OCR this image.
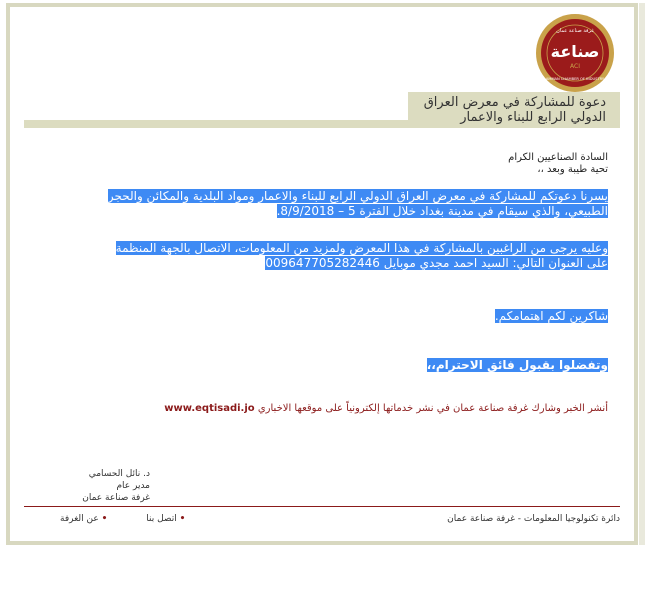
صناعة
ACI
غرفة صناعة عمان
AMMAN CHAMBER OF INDUSTRY
دعوة للمشاركة في معرض العراق
الدولي الرابع للبناء والاعمار
السادة الصناعيين الكرام
تحية طيبة وبعد ،،
يسرنا دعوتكم للمشاركة في معرض العراق الدولي الرابع للبناء والاعمار ومواد البلدية والمكائن والحجر
الطبيعي، والذي سيقام في مدينة بغداد خلال الفترة 5 – 8/9/2018.
وعليه يرجى من الراغبين بالمشاركة في هذا المعرض ولمزيد من المعلومات، الاتصال بالجهة المنظمة
على العنوان التالي: السيد احمد مجدي موبايل 009647705282446
شاكرين لكم اهتمامكم.
وتفضلوا بقبول فائق الاحترام،،
أنشر الخبر وشارك غرفة صناعة عمان في نشر خدماتها إلكترونياً على موقعها الاخباري www.eqtisadi.jo
د. نائل الحسامي
مدير عام
غرفة صناعة عمان
• اتصل بنا • عن الغرفة	دائرة تكنولوجيا المعلومات - غرفة صناعة عمان
